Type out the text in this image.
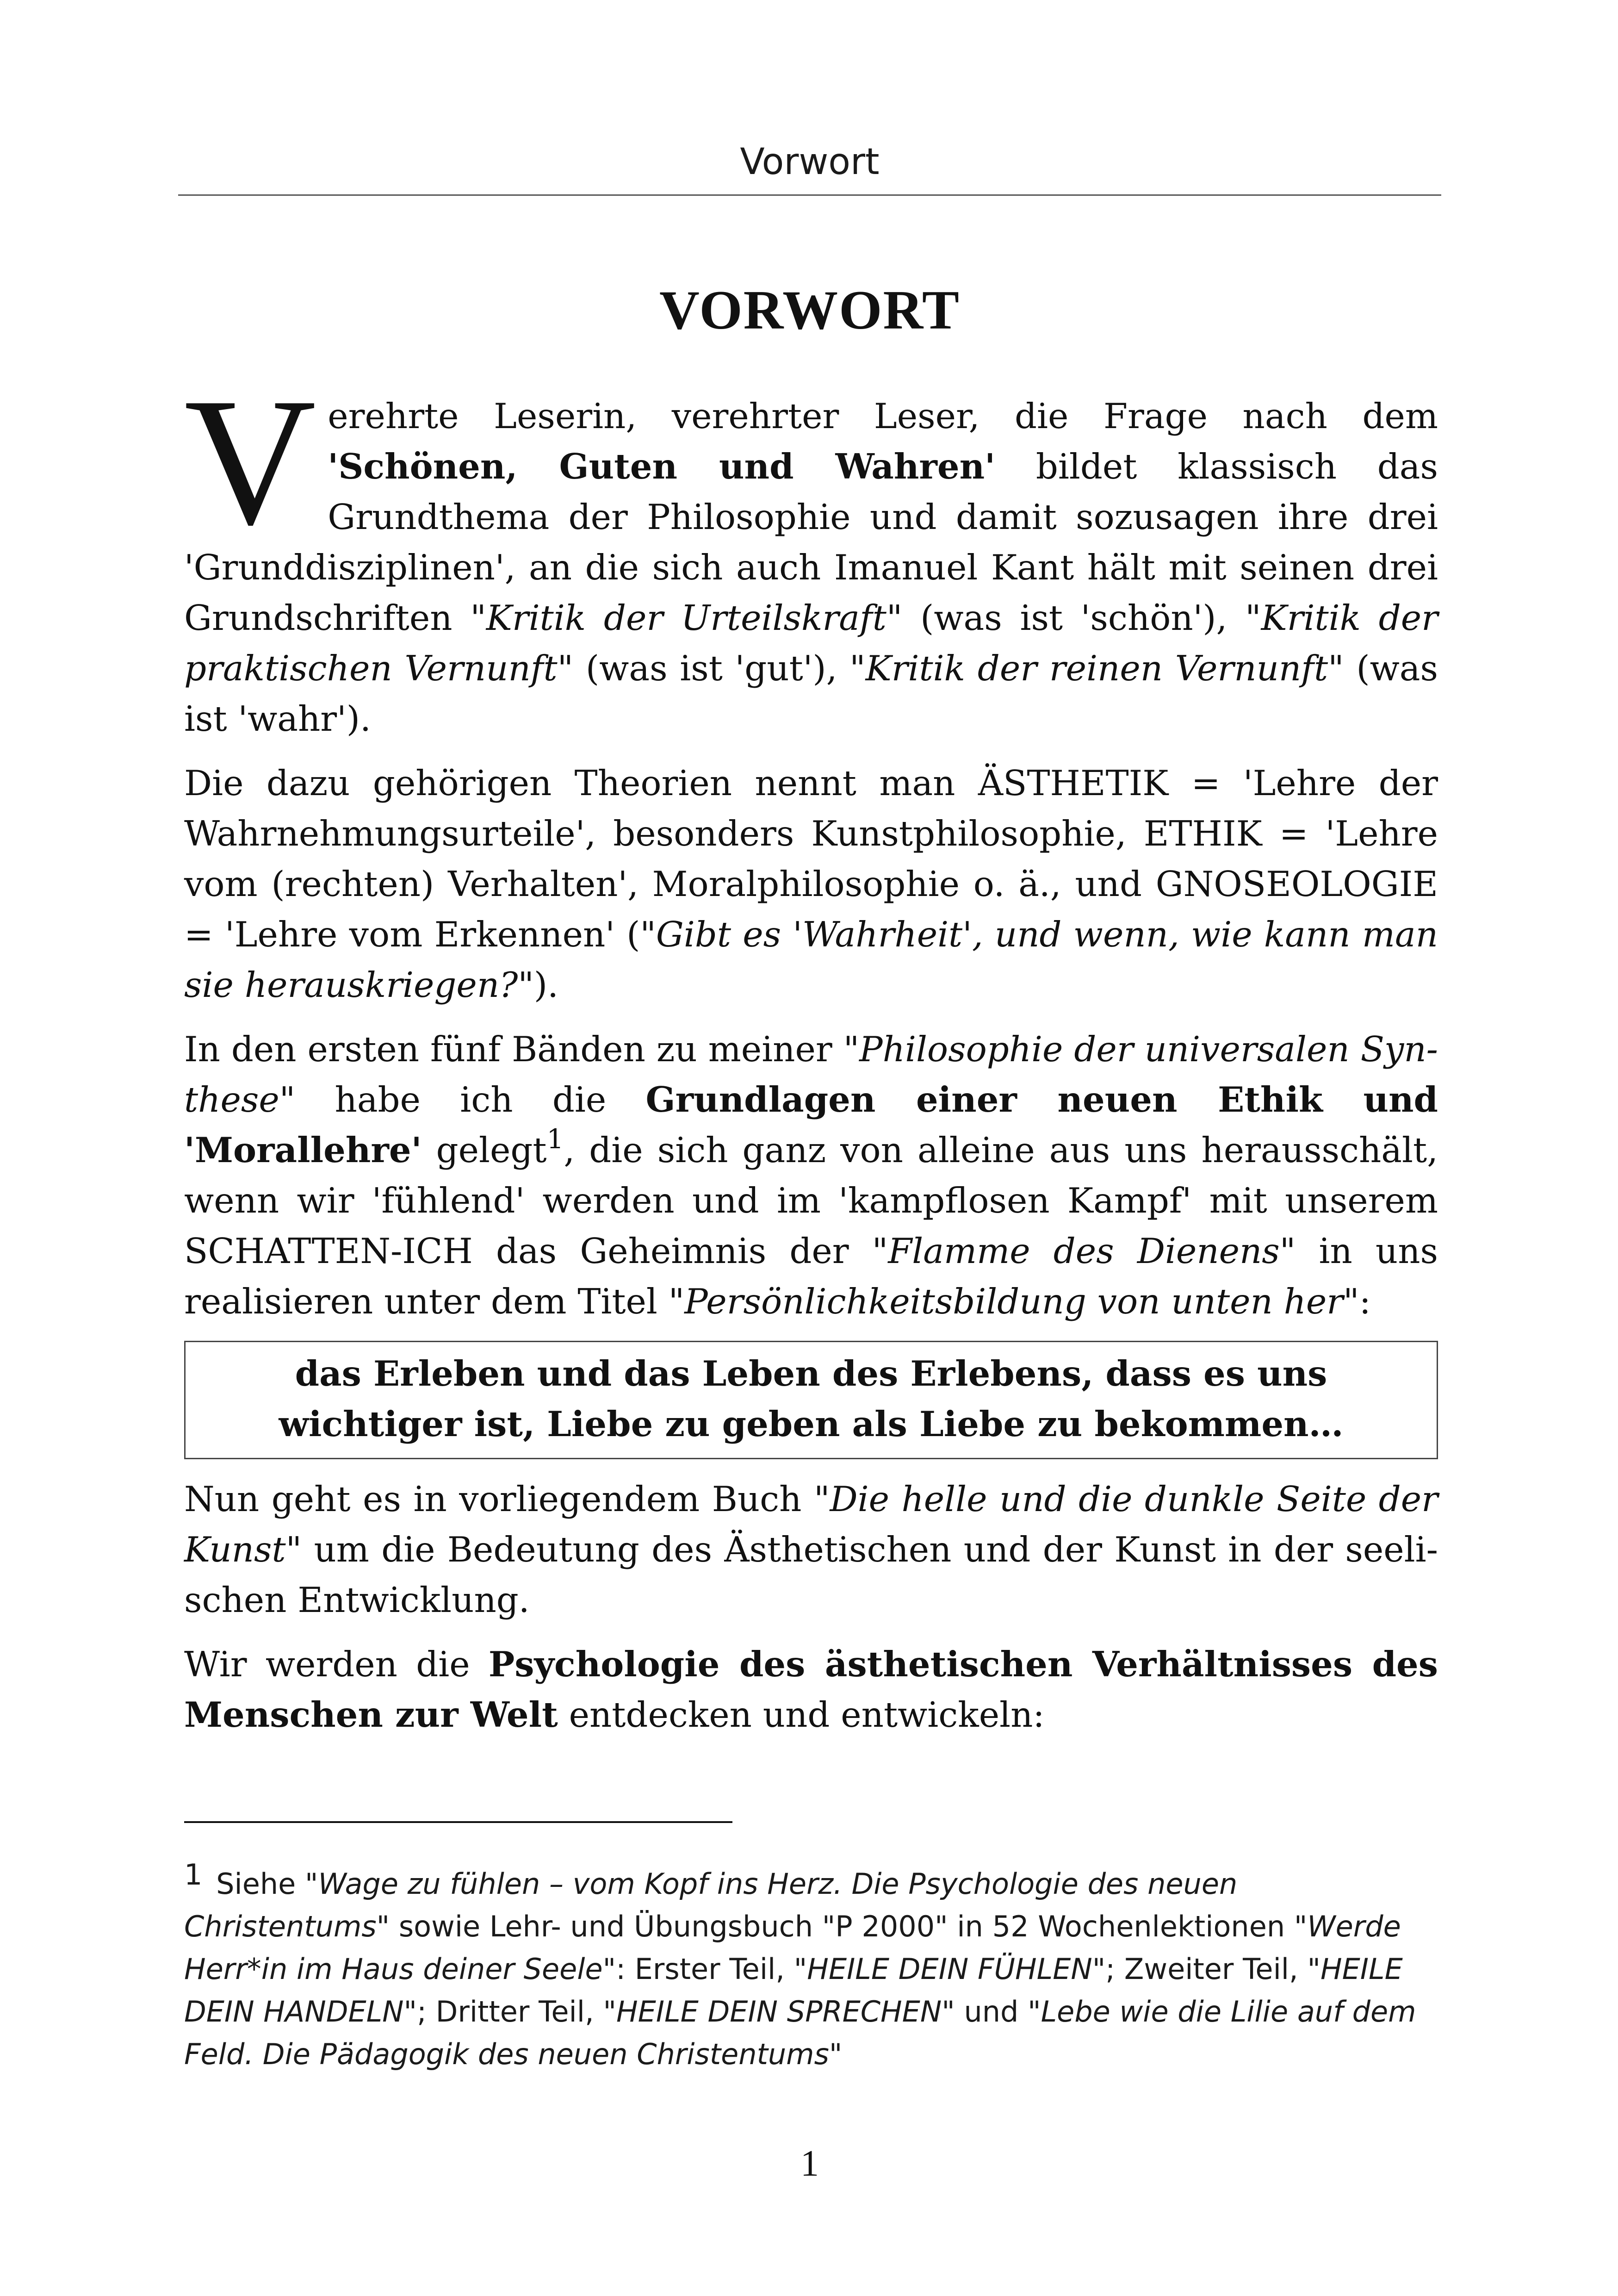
Vorwort
VORWORT

Verehrte Leserin, verehrter Leser, die Frage nach dem 'Schönen, Guten und Wahren' bildet klassisch das Grundthema der Philosophie und damit sozusagen ihre drei 'Grunddisziplinen', an die sich auch Imanuel Kant hält mit seinen drei Grundschriften "Kritik der Urteilskraft" (was ist 'schön'), "Kritik der praktischen Vernunft" (was ist 'gut'), "Kritik der reinen Vernunft" (was ist 'wahr').

Die dazu gehörigen Theorien nennt man ÄSTHETIK = 'Lehre der Wahrnehmungsurteile', besonders Kunstphilosophie, ETHIK = 'Lehre vom (rechten) Verhalten', Moralphilosophie o. ä., und GNOSEOLOGIE = 'Lehre vom Erkennen' ("Gibt es 'Wahrheit', und wenn, wie kann man sie herauskriegen?").

In den ersten fünf Bänden zu meiner "Philosophie der universalen Synthese" habe ich die Grundlagen einer neuen Ethik und 'Morallehre' gelegt$^1$, die sich ganz von alleine aus uns herausschält, wenn wir 'fühlend' werden und im 'kampflosen Kampf' mit unserem SCHATTEN-ICH das Geheimnis der "Flamme des Dienens" in uns realisieren unter dem Titel "Persönlichkeitsbildung von unten her":

das Erleben und das Leben des Erlebens, dass es uns wichtiger ist, Liebe zu geben als Liebe zu bekommen…

Nun geht es in vorliegendem Buch "Die helle und die dunkle Seite der Kunst" um die Bedeutung des Ästhetischen und der Kunst in der seelischen Entwicklung.

Wir werden die Psychologie des ästhetischen Verhältnisses des Menschen zur Welt entdecken und entwickeln:

$^1$ Siehe "Wage zu fühlen – vom Kopf ins Herz. Die Psychologie des neuen Christentums" sowie Lehr- und Übungsbuch "P 2000" in 52 Wochenlektionen "Werde Herr*in im Haus deiner Seele": Erster Teil, "HEILE DEIN FÜHLEN"; Zweiter Teil, "HEILE DEIN HANDELN"; Dritter Teil, "HEILE DEIN SPRECHEN" und "Lebe wie die Lilie auf dem Feld. Die Pädagogik des neuen Christentums"
1
